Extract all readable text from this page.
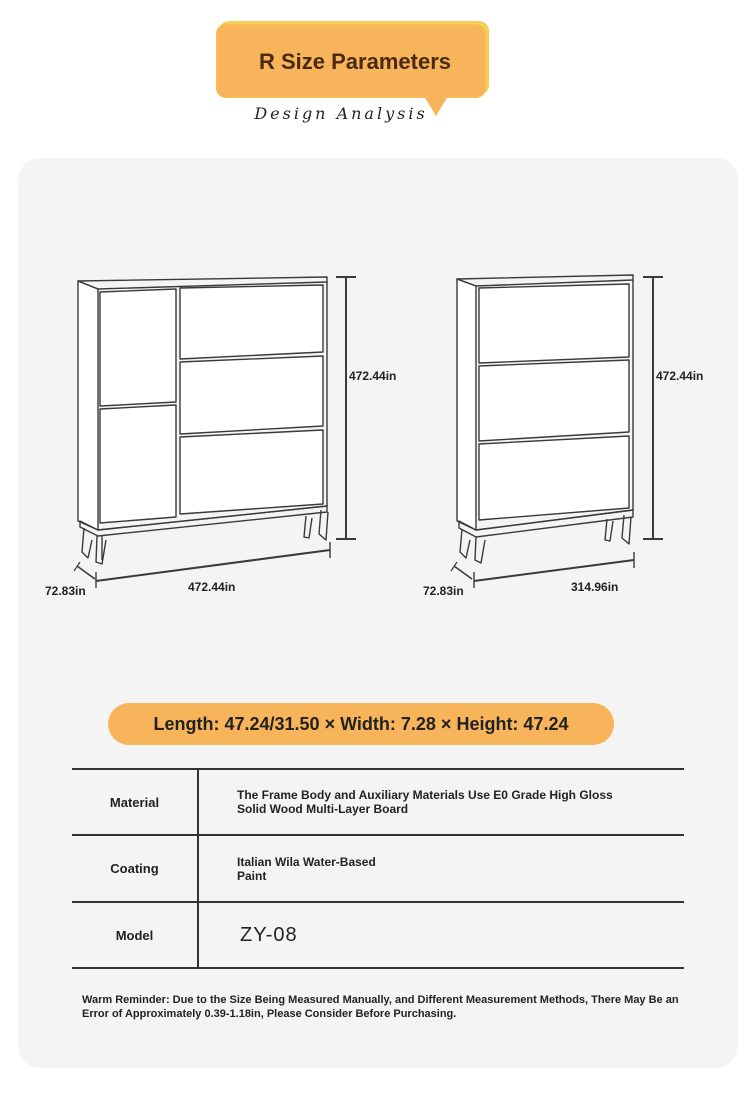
R Size Parameters
Design Analysis
472.44in
472.44in
72.83in
472.44in
314.96in
72.83in
Length: 47.24/31.50 × Width: 7.28 × Height: 47.24
Material	The Frame Body and Auxiliary Materials Use E0 Grade High Gloss Solid Wood Multi-Layer Board
Coating	Italian Wila Water-Based Paint
Model	ZY-08
Warm Reminder: Due to the Size Being Measured Manually, and Different Measurement Methods, There May Be an Error of Approximately 0.39-1.18in, Please Consider Before Purchasing.
